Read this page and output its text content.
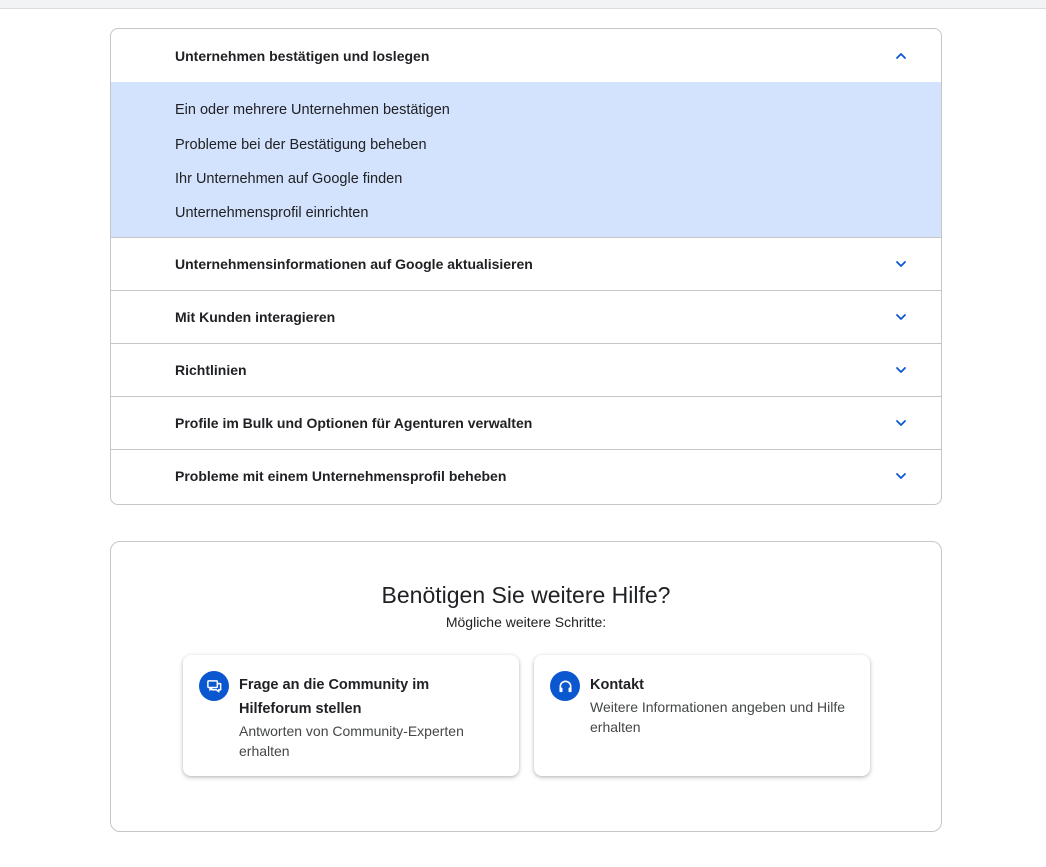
Unternehmen bestätigen und loslegen
Ein oder mehrere Unternehmen bestätigen
Probleme bei der Bestätigung beheben
Ihr Unternehmen auf Google finden
Unternehmensprofil einrichten
Unternehmensinformationen auf Google aktualisieren
Mit Kunden interagieren
Richtlinien
Profile im Bulk und Optionen für Agenturen verwalten
Probleme mit einem Unternehmensprofil beheben
Benötigen Sie weitere Hilfe?
Mögliche weitere Schritte:
Frage an die Community im Hilfeforum stellen
Antworten von Community-Experten erhalten
Kontakt
Weitere Informationen angeben und Hilfe erhalten
